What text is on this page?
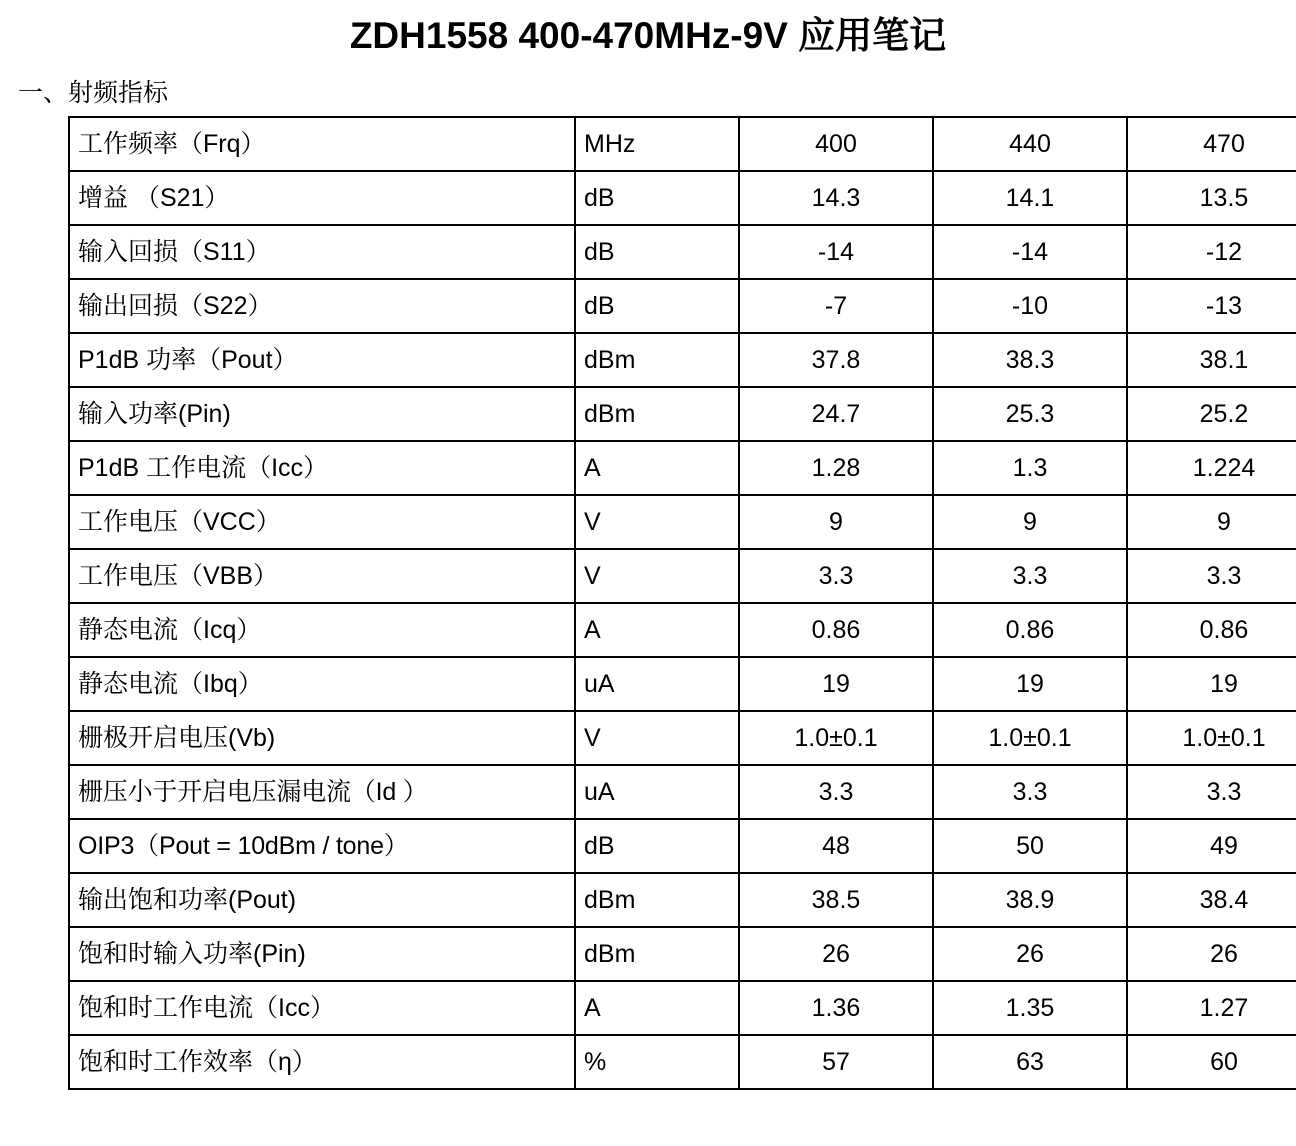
ZDH1558 400-470MHz-9V 应用笔记
一、射频指标
工作频率（Frq）	MHz	400	440	470
增益 （S21）	dB	14.3	14.1	13.5
输入回损（S11）	dB	-14	-14	-12
输出回损（S22）	dB	-7	-10	-13
P1dB 功率（Pout）	dBm	37.8	38.3	38.1
输入功率(Pin)	dBm	24.7	25.3	25.2
P1dB 工作电流（Icc）	A	1.28	1.3	1.224
工作电压（VCC）	V	9	9	9
工作电压（VBB）	V	3.3	3.3	3.3
静态电流（Icq）	A	0.86	0.86	0.86
静态电流（Ibq）	uA	19	19	19
栅极开启电压(Vb)	V	1.0±0.1	1.0±0.1	1.0±0.1
栅压小于开启电压漏电流（Id ）	uA	3.3	3.3	3.3
OIP3（Pout = 10dBm / tone）	dB	48	50	49
输出饱和功率(Pout)	dBm	38.5	38.9	38.4
饱和时输入功率(Pin)	dBm	26	26	26
饱和时工作电流（Icc）	A	1.36	1.35	1.27
饱和时工作效率（η）	%	57	63	60
